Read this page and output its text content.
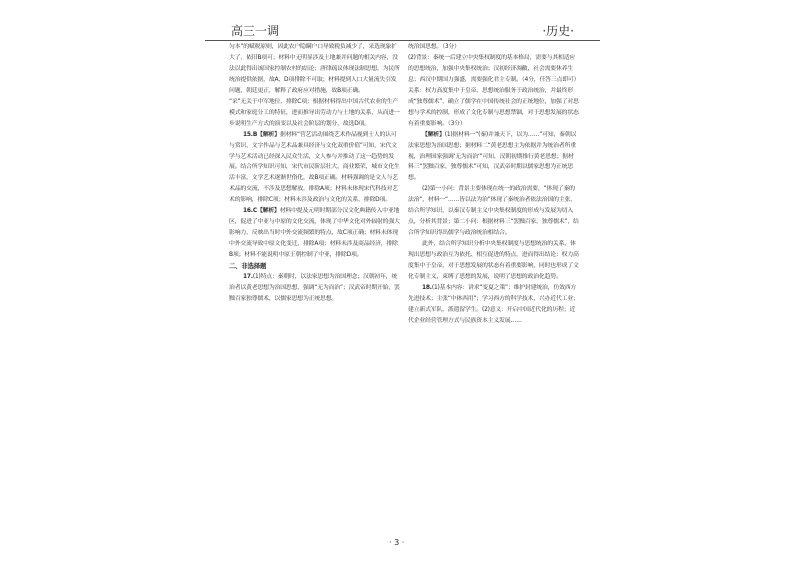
高三一调	·历史·

匀本”的赋税原则，因此农户隐瞒户口导致税负减少了，采选现象扩大了，依旧B项可；材料中无明显涉及土地兼并问题的相关内容，没法以此得出该国家控制农村的结论；唐律疏议体现法制思想，为民所统治提供依据，故A、D项排除不可取；材料提到人口大量流失引发问题，朝廷更正，解释了政府应对措施，故B项正确。

“采”无关于中军地位，排除C项；根据材料得出中国古代农业的生产模式和家庭分工的特征，进而推导出劳动力与土地的关系，从而进一步说明生产方式的演变以及社会阶层的划分，故选D项。

15.B【解析】据材料“营艺活动围绕艺术作品视到士人的认可与赏识，文字作品与艺术品兼具经济与文化双重价值”可知，宋代文学与艺术活动已经深入民众生活，文人参与并推动了这一趋势的发展。结合所学知识可知，宋代市民阶层壮大，商业繁荣，城市文化生活丰富，文学艺术逐渐世俗化，故B项正确。材料强调的是文人与艺术品的交流，不涉及思想解放，排除A项；材料未体现宋代科技对艺术的影响，排除C项；材料未涉及政治与文化的关系，排除D项。

16.C【解析】材料中提及元明时期部分汉文化典籍传入中亚地区，促进了中亚与中原的文化交流，体现了中华文化对外辐射的强大影响力，反映出当时中外交流频繁的特点，故C项正确；材料未体现中外交流导致中原文化变迁，排除A项；材料未涉及商品经济，排除B项；材料不能说明中原王朝控制了中亚，排除D项。

二、非选择题

17.(1)特点：秦朝时，以法家思想为治国理念；汉朝初年，统治者以黄老思想为治国思想，强调“无为而治”；汉武帝时期开始，罢黜百家独尊儒术，以儒家思想为正统思想。

统治国思想。（3分）

(2)背景：秦统一后建立中央集权制度的基本格局，需要与其相适应的思想统治，加强中央集权统治；汉初经济凋敝，社会需要休养生息；西汉中期国力强盛，需要强化君主专制。（4分，任答三点即可）

关系：权力高度集中于皇帝，思想统治服务于政治统治，并最终形成“独尊儒术”，确立了儒学在中国传统社会的正统地位，加强了对思想与学术的控制，形成了文化专制与思想禁锢，对于思想发展的状态有着重要影响。（3分）

【解析】(1)据材料一“(秦)并兼天下，以为……”可知，秦朝以法家思想为治国思想；据材料二“黄老思想主为依据并为统治者所重视，治理国家强调‘无为而治’”可知，汉朝初期推行黄老思想；据材料三“罢黜百家，独尊儒术”可知，汉武帝时期以儒家思想为正统思想。

(2)第一小问：背景主要体现在统一的政治需要，“体现了秦的法治”，材料一“……皆以法为治”体现了秦统治者依法治国的主张，结合所学知识，以秦汉专制主义中央集权制度的形成与发展为切入点，分析其背景；第二小问：根据材料三“罢黜百家，独尊儒术”，结合所学知识得出儒学与政治统治相结合。

此外，结合所学知识分析中央集权制度与思想统治的关系，体现出思想与政治互为依托、相互促进的特点，进而得出结论：权力高度集中于皇帝，对于思想发展的状态有着重要影响，同时也形成了文化专制主义，束缚了思想的发展，说明了思想的政治化趋势。

18.(1)基本内容：讲求“变夏之策”；维护封建统治，仿效西方先进技术；主张“中体西用”；学习西方的科学技术，兴办近代工业；建立新式军队，派遣留学生。(2)意义：开启中国近代化的历程；近代企业经营管理方式与民族资本主义发展……

· 3 ·
